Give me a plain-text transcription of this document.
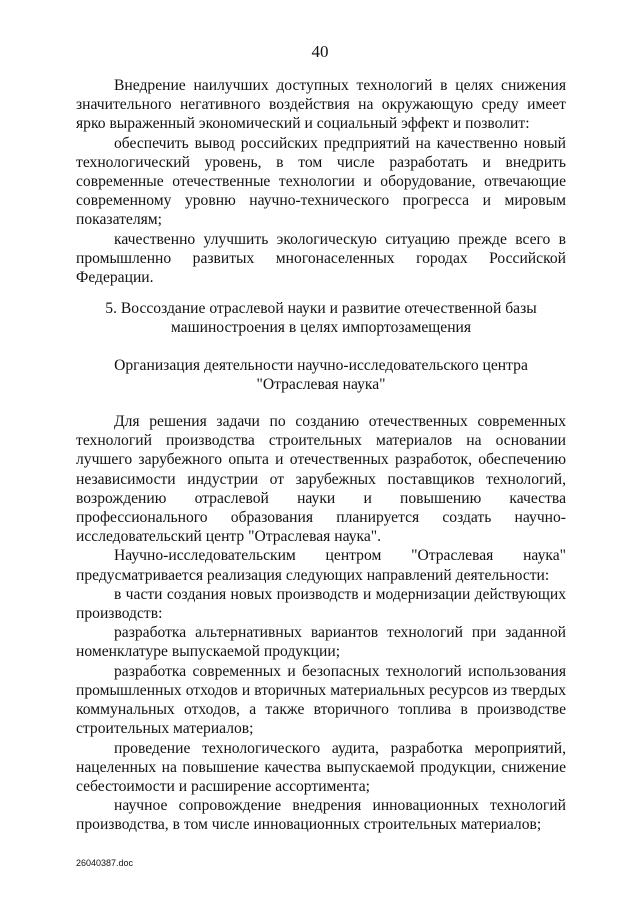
40

Внедрение наилучших доступных технологий в целях снижения значительного негативного воздействия на окружающую среду имеет ярко выраженный экономический и социальный эффект и позволит:

обеспечить вывод российских предприятий на качественно новый технологический уровень, в том числе разработать и внедрить современные отечественные технологии и оборудование, отвечающие современному уровню научно-технического прогресса и мировым показателям;

качественно улучшить экологическую ситуацию прежде всего в промышленно развитых многонаселенных городах Российской Федерации.

5. Воссоздание отраслевой науки и развитие отечественной базы
машиностроения в целях импортозамещения
Организация деятельности научно-исследовательского центра
"Отраслевая наука"

Для решения задачи по созданию отечественных современных технологий производства строительных материалов на основании лучшего зарубежного опыта и отечественных разработок, обеспечению независимости индустрии от зарубежных поставщиков технологий, возрождению отраслевой науки и повышению качества профессионального образования планируется создать научно-исследовательский центр "Отраслевая наука".

Научно-исследовательским центром "Отраслевая наука" предусматривается реализация следующих направлений деятельности:

в части создания новых производств и модернизации действующих производств:

разработка альтернативных вариантов технологий при заданной номенклатуре выпускаемой продукции;

разработка современных и безопасных технологий использования промышленных отходов и вторичных материальных ресурсов из твердых коммунальных отходов, а также вторичного топлива в производстве строительных материалов;

проведение технологического аудита, разработка мероприятий, нацеленных на повышение качества выпускаемой продукции, снижение себестоимости и расширение ассортимента;

научное сопровождение внедрения инновационных технологий производства, в том числе инновационных строительных материалов;

26040387.doc
